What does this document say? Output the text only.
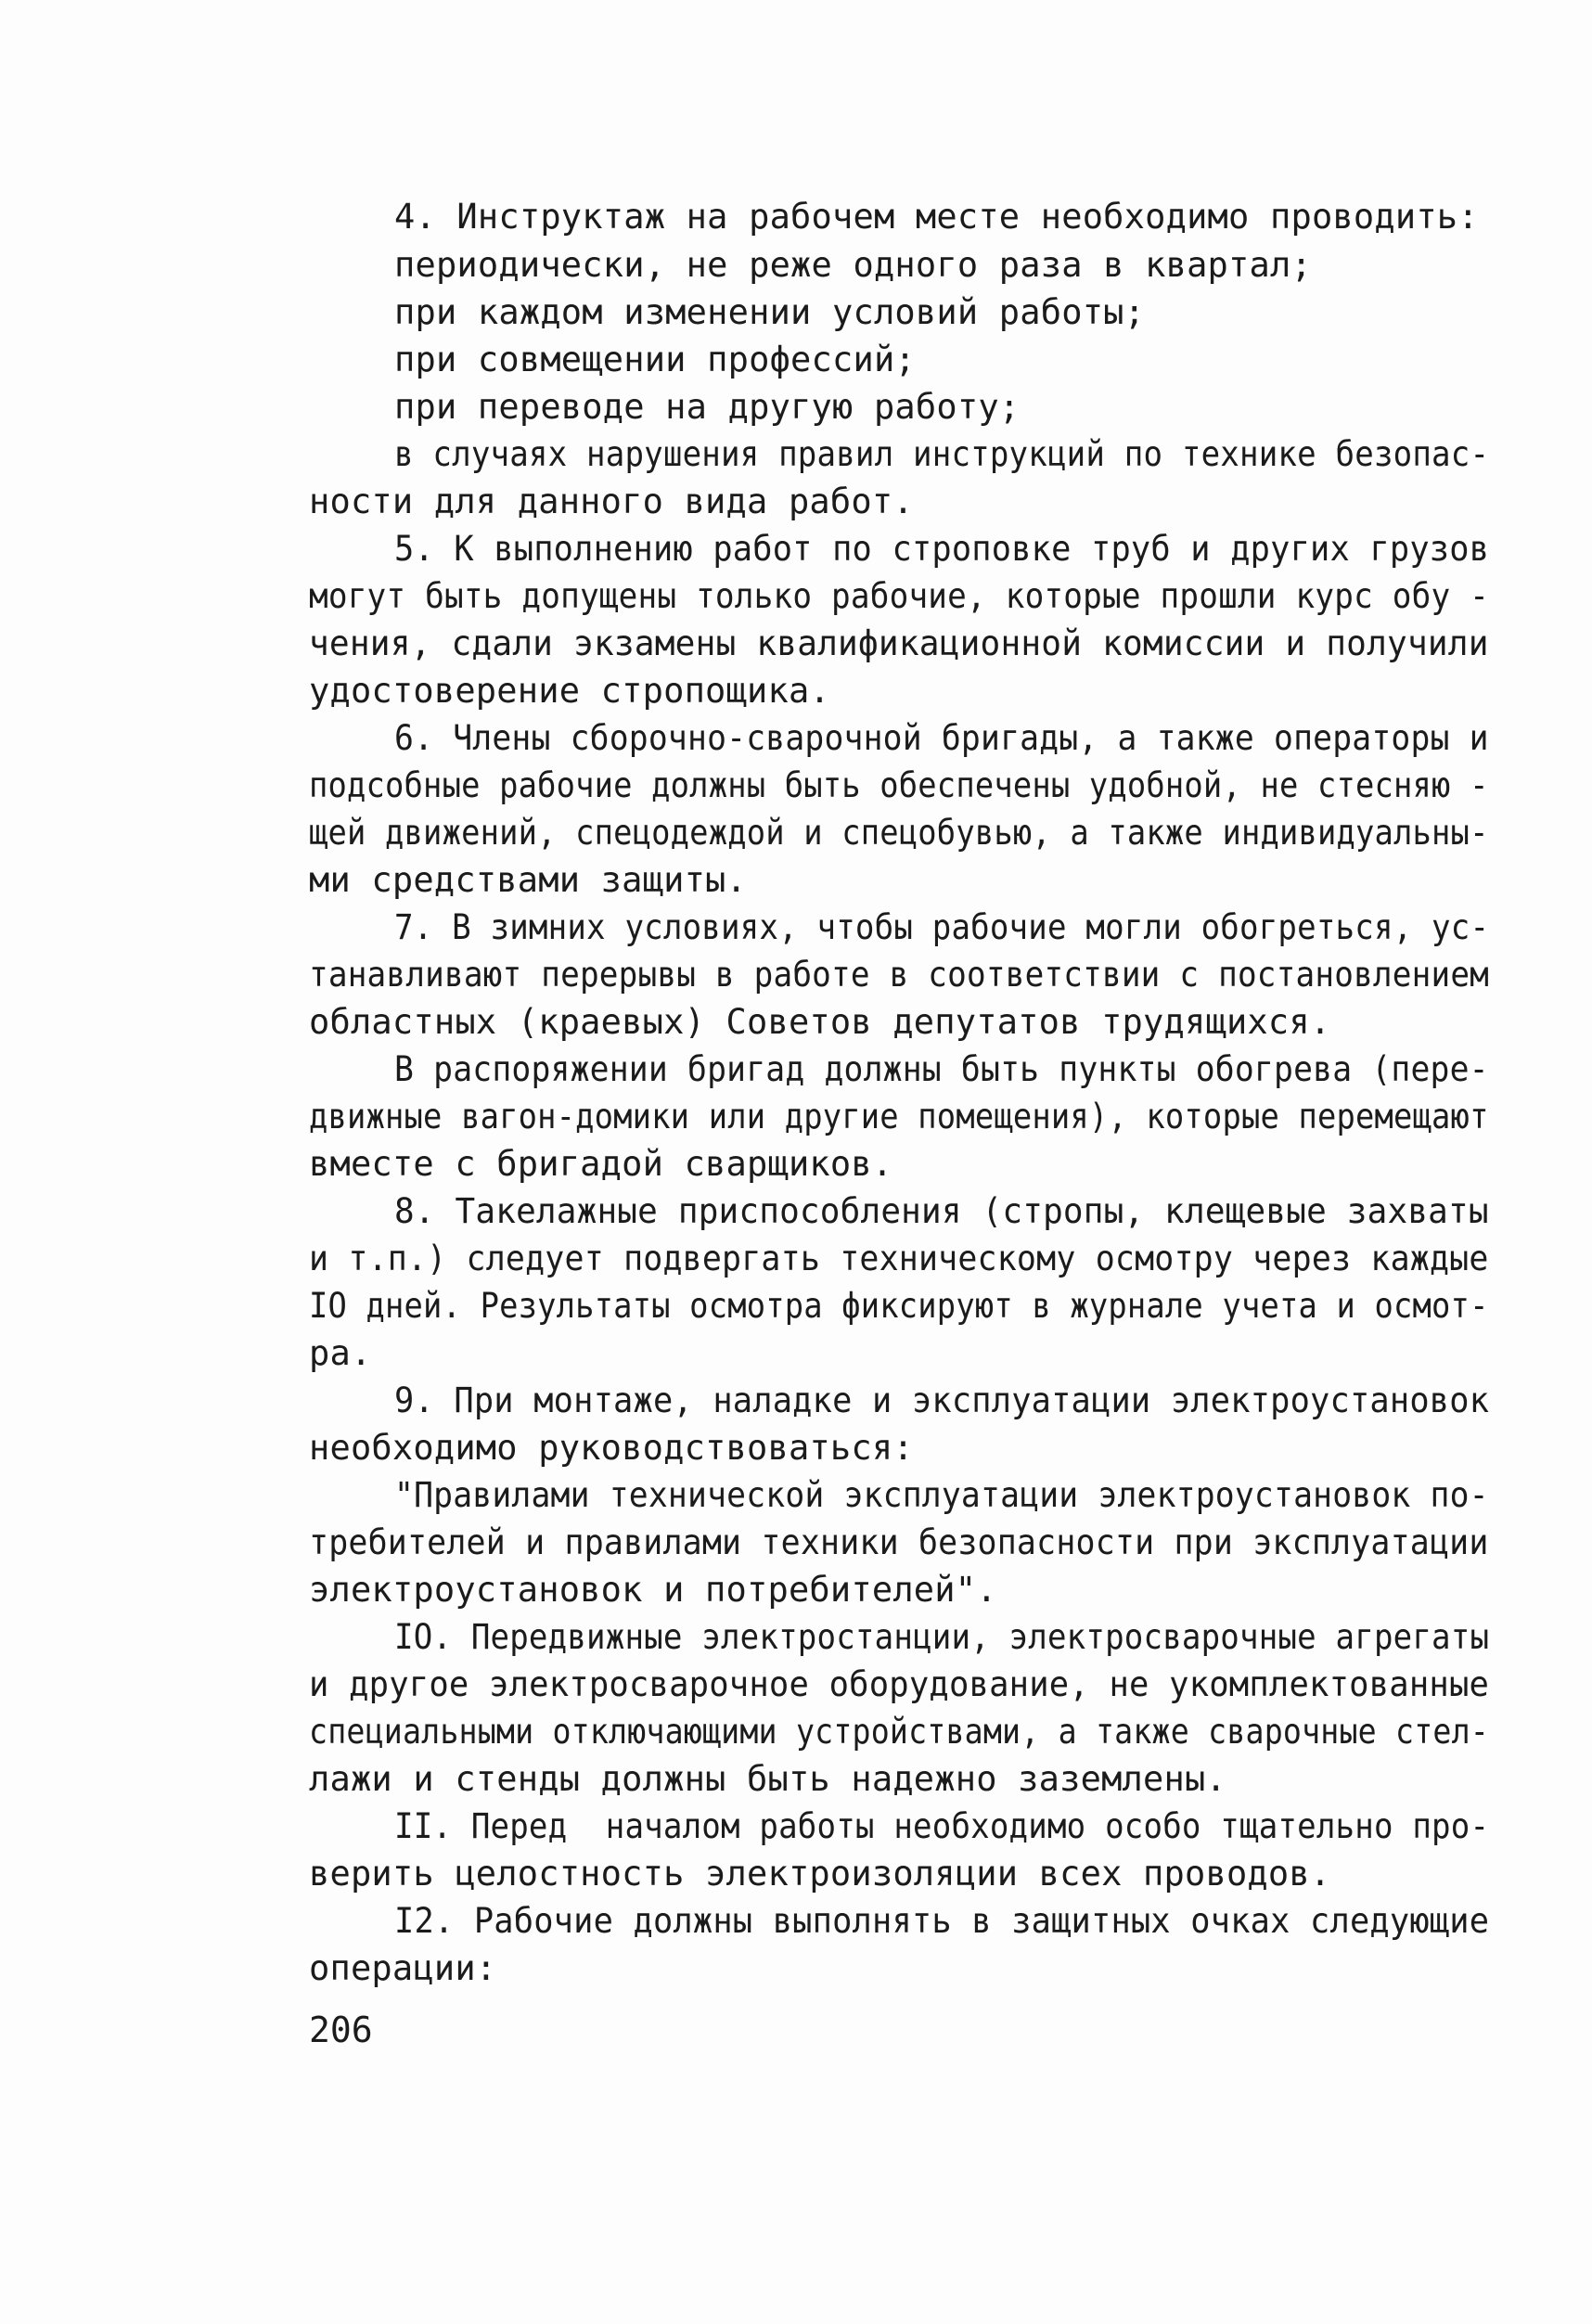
4. Инструктаж на рабочем месте необходимо проводить:
периодически, не реже одного раза в квартал;
при каждом изменении условий работы;
при совмещении профессий;
при переводе на другую работу;
в случаях нарушения правил инструкций по технике безопас-
ности для данного вида работ.
5. К выполнению работ по строповке труб и других грузов
могут быть допущены только рабочие, которые прошли курс обу -
чения, сдали экзамены квалификационной комиссии и получили
удостоверение стропощика.
6. Члены сборочно-сварочной бригады, а также операторы и
подсобные рабочие должны быть обеспечены удобной, не стесняю -
щей движений, спецодеждой и спецобувью, а также индивидуальны-
ми средствами защиты.
7. В зимних условиях, чтобы рабочие могли обогреться, ус-
танавливают перерывы в работе в соответствии с постановлением
областных (краевых) Советов депутатов трудящихся.
В распоряжении бригад должны быть пункты обогрева (пере-
движные вагон-домики или другие помещения), которые перемещают
вместе с бригадой сварщиков.
8. Такелажные приспособления (стропы, клещевые захваты
и т.п.) следует подвергать техническому осмотру через каждые
IO дней. Результаты осмотра фиксируют в журнале учета и осмот-
ра.
9. При монтаже, наладке и эксплуатации электроустановок
необходимо руководствоваться:
"Правилами технической эксплуатации электроустановок по-
требителей и правилами техники безопасности при эксплуатации
электроустановок и потребителей".
IO. Передвижные электростанции, электросварочные агрегаты
и другое электросварочное оборудование, не укомплектованные
специальными отключающими устройствами, а также сварочные стел-
лажи и стенды должны быть надежно заземлены.
II. Перед  началом работы необходимо особо тщательно про-
верить целостность электроизоляции всех проводов.
I2. Рабочие должны выполнять в защитных очках следующие
операции:
206
